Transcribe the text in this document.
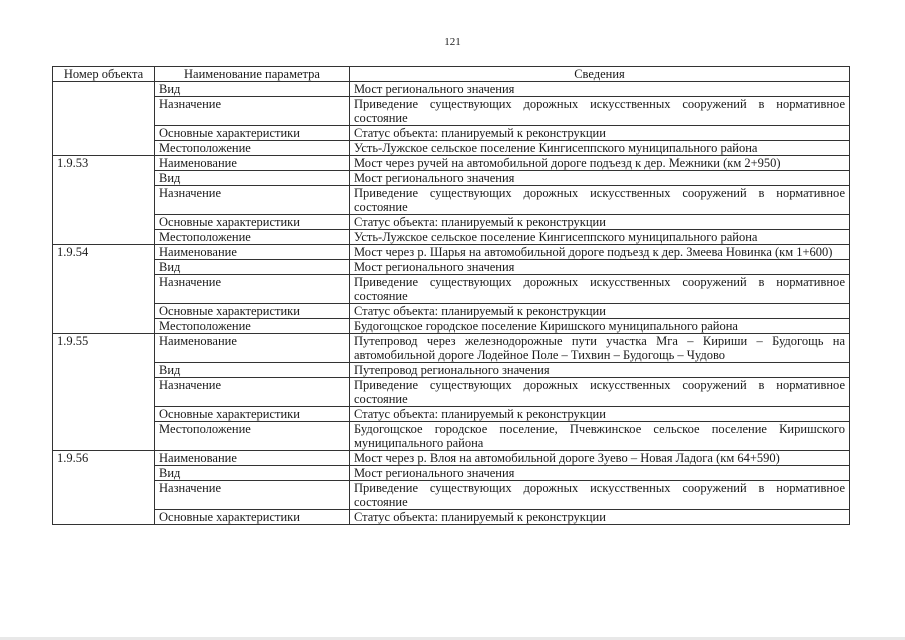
121
Номер объекта	Наименование параметра	Сведения
	Вид	Мост регионального значения
	Назначение	Приведение существующих дорожных искусственных сооружений в нормативное состояние
	Основные характеристики	Статус объекта: планируемый к реконструкции
	Местоположение	Усть-Лужское сельское поселение Кингисеппского муниципального района
1.9.53	Наименование	Мост через ручей на автомобильной дороге подъезд к дер. Межники (км 2+950)
	Вид	Мост регионального значения
	Назначение	Приведение существующих дорожных искусственных сооружений в нормативное состояние
	Основные характеристики	Статус объекта: планируемый к реконструкции
	Местоположение	Усть-Лужское сельское поселение Кингисеппского муниципального района
1.9.54	Наименование	Мост через р. Шарья на автомобильной дороге подъезд к дер. Змеева Новинка (км 1+600)
	Вид	Мост регионального значения
	Назначение	Приведение существующих дорожных искусственных сооружений в нормативное состояние
	Основные характеристики	Статус объекта: планируемый к реконструкции
	Местоположение	Будогощское городское поселение Киришского муниципального района
1.9.55	Наименование	Путепровод через железнодорожные пути участка Мга – Кириши – Будогощь на автомобильной дороге Лодейное Поле – Тихвин – Будогощь – Чудово
	Вид	Путепровод регионального значения
	Назначение	Приведение существующих дорожных искусственных сооружений в нормативное состояние
	Основные характеристики	Статус объекта: планируемый к реконструкции
	Местоположение	Будогощское городское поселение, Пчевжинское сельское поселение Киришского муниципального района
1.9.56	Наименование	Мост через р. Влоя на автомобильной дороге Зуево – Новая Ладога (км 64+590)
	Вид	Мост регионального значения
	Назначение	Приведение существующих дорожных искусственных сооружений в нормативное состояние
	Основные характеристики	Статус объекта: планируемый к реконструкции
